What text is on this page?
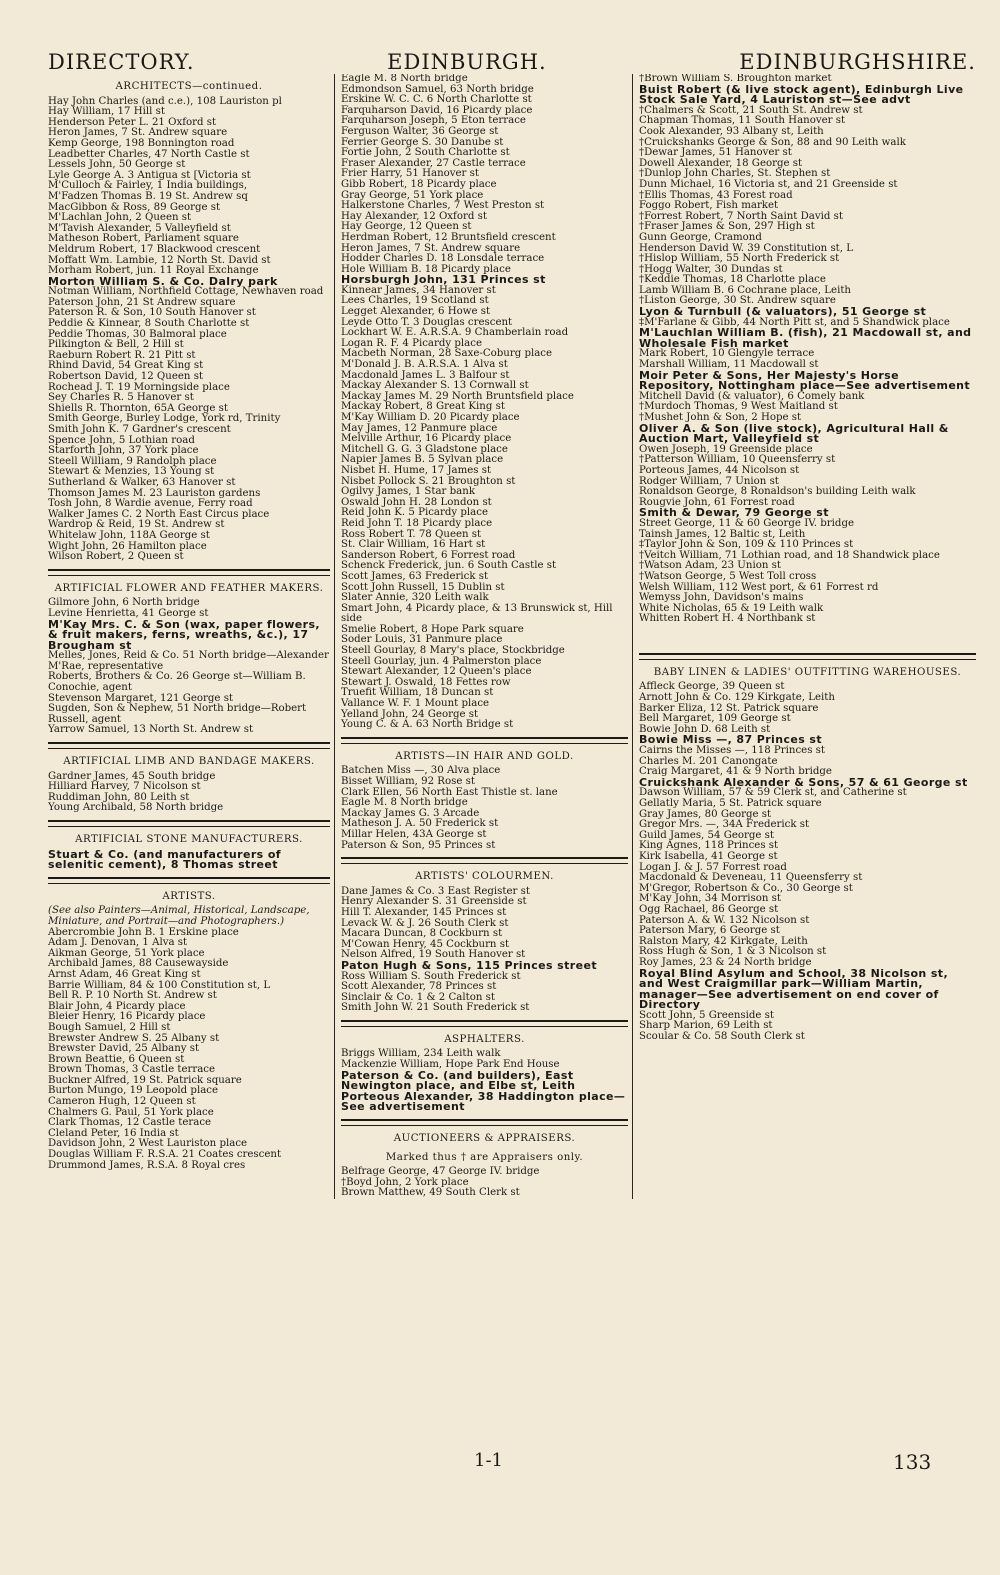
DIRECTORY.	EDINBURGH.	EDINBURGHSHIRE.
ARCHITECTS—continued.
Hay John Charles (and c.e.), 108 Lauriston pl
Hay William, 17 Hill st
Henderson Peter L. 21 Oxford st
Heron James, 7 St. Andrew square
Kemp George, 198 Bonnington road
Leadbetter Charles, 47 North Castle st
Lessels John, 50 George st
Lyle George A. 3 Antigua st [Victoria st
M'Culloch & Fairley, 1 India buildings,
M'Fadzen Thomas B. 19 St. Andrew sq
MacGibbon & Ross, 89 George st
M'Lachlan John, 2 Queen st
M'Tavish Alexander, 5 Valleyfield st
Matheson Robert, Parliament square
Meldrum Robert, 17 Blackwood crescent
Moffatt Wm. Lambie, 12 North St. David st
Morham Robert, jun. 11 Royal Exchange
Morton William S. & Co. Dalry park
Notman William, Northfield Cottage, Newhaven road
Paterson John, 21 St Andrew square
Paterson R. & Son, 10 South Hanover st
Peddie & Kinnear, 8 South Charlotte st
Peddie Thomas, 30 Balmoral place
Pilkington & Bell, 2 Hill st
Raeburn Robert R. 21 Pitt st
Rhind David, 54 Great King st
Robertson David, 12 Queen st
Rochead J. T. 19 Morningside place
Sey Charles R. 5 Hanover st
Shiells R. Thornton, 65A George st
Smith George, Burley Lodge, York rd, Trinity
Smith John K. 7 Gardner's crescent
Spence John, 5 Lothian road
Starforth John, 37 York place
Steell William, 9 Randolph place
Stewart & Menzies, 13 Young st
Sutherland & Walker, 63 Hanover st
Thomson James M. 23 Lauriston gardens
Tosh John, 8 Wardie avenue, Ferry road
Walker James C. 2 North East Circus place
Wardrop & Reid, 19 St. Andrew st
Whitelaw John, 118A George st
Wight John, 26 Hamilton place
Wilson Robert, 2 Queen st
ARTIFICIAL FLOWER AND FEATHER MAKERS.
Gilmore John, 6 North bridge
Levine Henrietta, 41 George st
M'Kay Mrs. C. & Son (wax, paper flowers, & fruit makers, ferns, wreaths, &c.), 17 Brougham st
Melles, Jones, Reid & Co. 51 North bridge—Alexander M'Rae, representative
Roberts, Brothers & Co. 26 George st—William B. Conochie, agent
Stevenson Margaret, 121 George st
Sugden, Son & Nephew, 51 North bridge—Robert Russell, agent
Yarrow Samuel, 13 North St. Andrew st
ARTIFICIAL LIMB AND BANDAGE MAKERS.
Gardner James, 45 South bridge
Hilliard Harvey, 7 Nicolson st
Ruddiman John, 80 Leith st
Young Archibald, 58 North bridge
ARTIFICIAL STONE MANUFACTURERS.
Stuart & Co. (and manufacturers of selenitic cement), 8 Thomas street
ARTISTS.
(See also Painters—Animal, Historical, Landscape, Miniature, and Portrait—and Photographers.)
Abercrombie John B. 1 Erskine place
Adam J. Denovan, 1 Alva st
Aikman George, 51 York place
Archibald James, 88 Causewayside
Arnst Adam, 46 Great King st
Barrie William, 84 & 100 Constitution st, L
Bell R. P. 10 North St. Andrew st
Blair John, 4 Picardy place
Bleier Henry, 16 Picardy place
Bough Samuel, 2 Hill st
Brewster Andrew S. 25 Albany st
Brewster David, 25 Albany st
Brown Beattie, 6 Queen st
Brown Thomas, 3 Castle terrace
Buckner Alfred, 19 St. Patrick square
Burton Mungo, 19 Leopold place
Cameron Hugh, 12 Queen st
Chalmers G. Paul, 51 York place
Clark Thomas, 12 Castle terace
Cleland Peter, 16 India st
Davidson John, 2 West Lauriston place
Douglas William F. R.S.A. 21 Coates crescent
Drummond James, R.S.A. 8 Royal cres
Eagle M. 8 North bridge
Edmondson Samuel, 63 North bridge
Erskine W. C. C. 6 North Charlotte st
Farquharson David, 16 Picardy place
Farquharson Joseph, 5 Eton terrace
Ferguson Walter, 36 George st
Ferrier George S. 30 Danube st
Fortie John, 2 South Charlotte st
Fraser Alexander, 27 Castle terrace
Frier Harry, 51 Hanover st
Gibb Robert, 18 Picardy place
Gray George, 51 York place
Halkerstone Charles, 7 West Preston st
Hay Alexander, 12 Oxford st
Hay George, 12 Queen st
Herdman Robert, 12 Bruntsfield crescent
Heron James, 7 St. Andrew square
Hodder Charles D. 18 Lonsdale terrace
Hole William B. 18 Picardy place
Horsburgh John, 131 Princes st
Kinnear James, 34 Hanover st
Lees Charles, 19 Scotland st
Legget Alexander, 6 Howe st
Leyde Otto T. 3 Douglas crescent
Lockhart W. E. A.R.S.A. 9 Chamberlain road
Logan R. F. 4 Picardy place
Macbeth Norman, 28 Saxe-Coburg place
M'Donald J. B. A.R.S.A. 1 Alva st
Macdonald James L. 3 Balfour st
Mackay Alexander S. 13 Cornwall st
Mackay James M. 29 North Bruntsfield place
Mackay Robert, 8 Great King st
M'Kay William D. 20 Picardy place
May James, 12 Panmure place
Melville Arthur, 16 Picardy place
Mitchell G. G. 3 Gladstone place
Napier James B. 5 Sylvan place
Nisbet H. Hume, 17 James st
Nisbet Pollock S. 21 Broughton st
Ogilvy James, 1 Star bank
Oswald John H. 28 London st
Reid John K. 5 Picardy place
Reid John T. 18 Picardy place
Ross Robert T. 78 Queen st
St. Clair William, 16 Hart st
Sanderson Robert, 6 Forrest road
Schenck Frederick, jun. 6 South Castle st
Scott James, 63 Frederick st
Scott John Russell, 15 Dublin st
Slater Annie, 320 Leith walk
Smart John, 4 Picardy place, & 13 Brunswick st, Hill side
Smelie Robert, 8 Hope Park square
Soder Louis, 31 Panmure place
Steell Gourlay, 8 Mary's place, Stockbridge
Steell Gourlay, jun. 4 Palmerston place
Stewart Alexander, 12 Queen's place
Stewart J. Oswald, 18 Fettes row
Truefit William, 18 Duncan st
Vallance W. F. 1 Mount place
Yelland John, 24 George st
Young C. & A. 63 North Bridge st
ARTISTS—IN HAIR AND GOLD.
Batchen Miss —, 30 Alva place
Bisset William, 92 Rose st
Clark Ellen, 56 North East Thistle st. lane
Eagle M. 8 North bridge
Mackay James G. 3 Arcade
Matheson J. A. 50 Frederick st
Millar Helen, 43A George st
Paterson & Son, 95 Princes st
ARTISTS' COLOURMEN.
Dane James & Co. 3 East Register st
Henry Alexander S. 31 Greenside st
Hill T. Alexander, 145 Princes st
Levack W. & J. 26 South Clerk st
Macara Duncan, 8 Cockburn st
M'Cowan Henry, 45 Cockburn st
Nelson Alfred, 19 South Hanover st
Paton Hugh & Sons, 115 Princes street
Ross William S. South Frederick st
Scott Alexander, 78 Princes st
Sinclair & Co. 1 & 2 Calton st
Smith John W. 21 South Frederick st
ASPHALTERS.
Briggs William, 234 Leith walk
Mackenzie William, Hope Park End House
Paterson & Co. (and builders), East Newington place, and Elbe st, Leith
Porteous Alexander, 38 Haddington place—See advertisement
AUCTIONEERS & APPRAISERS.
Marked thus † are Appraisers only.
Belfrage George, 47 George IV. bridge
†Boyd John, 2 York place
Brown Matthew, 49 South Clerk st
†Brown William S. Broughton market
Buist Robert (& live stock agent), Edinburgh Live Stock Sale Yard, 4 Lauriston st—See advt
†Chalmers & Scott, 21 South St. Andrew st
Chapman Thomas, 11 South Hanover st
Cook Alexander, 93 Albany st, Leith
†Cruickshanks George & Son, 88 and 90 Leith walk
†Dewar James, 51 Hanover st
Dowell Alexander, 18 George st
†Dunlop John Charles, St. Stephen st
Dunn Michael, 16 Victoria st, and 21 Greenside st
†Ellis Thomas, 43 Forest road
Foggo Robert, Fish market
†Forrest Robert, 7 North Saint David st
†Fraser James & Son, 297 High st
Gunn George, Cramond
Henderson David W. 39 Constitution st, L
†Hislop William, 55 North Frederick st
†Hogg Walter, 30 Dundas st
†Keddie Thomas, 18 Charlotte place
Lamb William B. 6 Cochrane place, Leith
†Liston George, 30 St. Andrew square
Lyon & Turnbull (& valuators), 51 George st
‡M'Farlane & Gibb, 44 North Pitt st, and 5 Shandwick place
M'Lauchlan William B. (fish), 21 Macdowall st, and Wholesale Fish market
Mark Robert, 10 Glengyle terrace
Marshall William, 11 Macdowall st
Moir Peter & Sons, Her Majesty's Horse Repository, Nottingham place—See advertisement
Mitchell David (& valuator), 6 Comely bank
†Murdoch Thomas, 9 West Maitland st
†Mushet John & Son, 2 Hope st
Oliver A. & Son (live stock), Agricultural Hall & Auction Mart, Valleyfield st
Owen Joseph, 19 Greenside place
†Patterson William, 10 Queensferry st
Porteous James, 44 Nicolson st
Rodger William, 7 Union st
Ronaldson George, 8 Ronaldson's building Leith walk
Rougvie John, 61 Forrest road
Smith & Dewar, 79 George st
Street George, 11 & 60 George IV. bridge
Tainsh James, 12 Baltic st, Leith
‡Taylor John & Son, 109 & 110 Princes st
†Veitch William, 71 Lothian road, and 18 Shandwick place
†Watson Adam, 23 Union st
†Watson George, 5 West Toll cross
Welsh William, 112 West port, & 61 Forrest rd
Wemyss John, Davidson's mains
White Nicholas, 65 & 19 Leith walk
Whitten Robert H. 4 Northbank st
BABY LINEN & LADIES' OUTFITTING WAREHOUSES.
Affleck George, 39 Queen st
Arnott John & Co. 129 Kirkgate, Leith
Barker Eliza, 12 St. Patrick square
Bell Margaret, 109 George st
Bowie John D. 68 Leith st
Bowie Miss —, 87 Princes st
Cairns the Misses —, 118 Princes st
Charles M. 201 Canongate
Craig Margaret, 41 & 9 North bridge
Cruickshank Alexander & Sons, 57 & 61 George st
Dawson William, 57 & 59 Clerk st, and Catherine st
Gellatly Maria, 5 St. Patrick square
Gray James, 80 George st
Gregor Mrs. —, 34A Frederick st
Guild James, 54 George st
King Agnes, 118 Princes st
Kirk Isabella, 41 George st
Logan J. & J. 57 Forrest road
Macdonald & Deveneau, 11 Queensferry st
M'Gregor, Robertson & Co., 30 George st
M'Kay John, 34 Morrison st
Ogg Rachael, 86 George st
Paterson A. & W. 132 Nicolson st
Paterson Mary, 6 George st
Ralston Mary, 42 Kirkgate, Leith
Ross Hugh & Son, 1 & 3 Nicolson st
Roy James, 23 & 24 North bridge
Royal Blind Asylum and School, 38 Nicolson st, and West Craigmillar park—William Martin, manager—See advertisement on end cover of Directory
Scott John, 5 Greenside st
Sharp Marion, 69 Leith st
Scoular & Co. 58 South Clerk st
1-1	133
